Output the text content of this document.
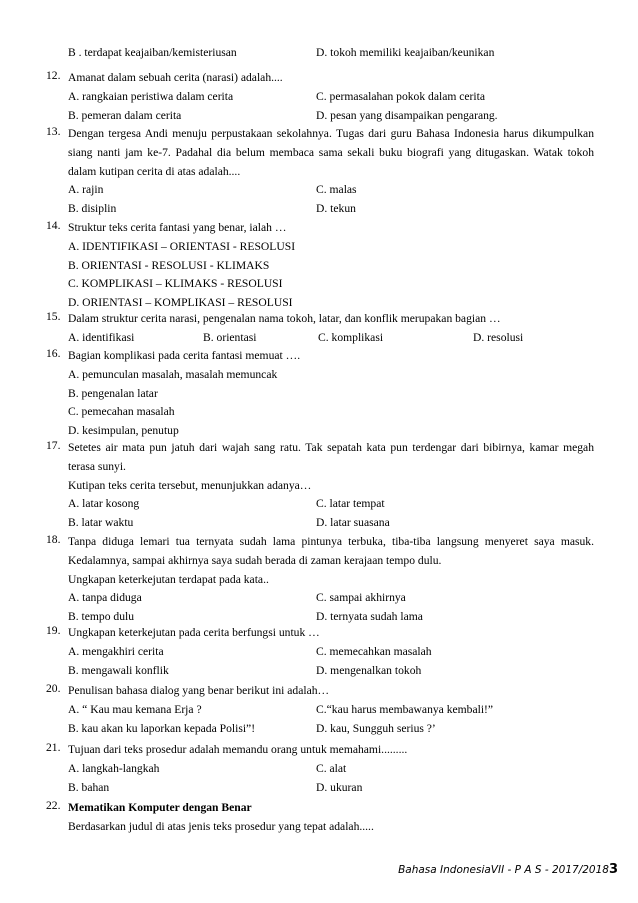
B . terdapat keajaiban/kemisteriusan	D. tokoh memiliki keajaiban/keunikan
12. Amanat dalam sebuah cerita (narasi) adalah....
A. rangkaian peristiwa dalam cerita	C. permasalahan pokok dalam cerita
B. pemeran dalam cerita	D. pesan yang disampaikan pengarang.
13. Dengan tergesa Andi menuju perpustakaan sekolahnya. Tugas dari guru Bahasa Indonesia harus dikumpulkan siang nanti jam ke-7. Padahal dia belum membaca sama sekali buku biografi yang ditugaskan. Watak tokoh dalam kutipan cerita di atas adalah....
A. rajin	C. malas
B. disiplin	D. tekun
14. Struktur teks cerita fantasi yang benar, ialah …
A. IDENTIFIKASI – ORIENTASI - RESOLUSI
B. ORIENTASI - RESOLUSI - KLIMAKS
C. KOMPLIKASI – KLIMAKS - RESOLUSI
D. ORIENTASI – KOMPLIKASI – RESOLUSI
15. Dalam struktur cerita narasi, pengenalan nama tokoh, latar, dan konflik merupakan bagian …
A. identifikasi	B. orientasi	C. komplikasi	D. resolusi
16. Bagian komplikasi pada cerita fantasi memuat ….
A. pemunculan masalah, masalah memuncak
B. pengenalan latar
C. pemecahan masalah
D. kesimpulan, penutup
17. Setetes air mata pun jatuh dari wajah sang ratu. Tak sepatah kata pun terdengar dari bibirnya, kamar megah terasa sunyi.
Kutipan teks cerita tersebut, menunjukkan adanya…
A. latar kosong	C. latar tempat
B. latar waktu	D. latar suasana
18. Tanpa diduga lemari tua ternyata sudah lama pintunya terbuka, tiba-tiba langsung menyeret saya masuk. Kedalamnya, sampai akhirnya saya sudah berada di zaman kerajaan tempo dulu.
Ungkapan keterkejutan terdapat pada kata..
A. tanpa diduga	C. sampai akhirnya
B. tempo dulu	D. ternyata sudah lama
19. Ungkapan keterkejutan pada cerita berfungsi untuk …
A. mengakhiri cerita	C. memecahkan masalah
B. mengawali konflik	D. mengenalkan tokoh
20. Penulisan bahasa dialog yang benar berikut ini adalah…
A. “ Kau mau kemana Erja ?	C.“kau harus membawanya kembali!”
B. kau akan ku laporkan kepada Polisi”!	D. kau, Sungguh serius ?’
21. Tujuan dari teks prosedur adalah memandu orang untuk memahami.........
A. langkah-langkah	C. alat
B. bahan	D. ukuran
22. Mematikan Komputer dengan Benar
Berdasarkan judul di atas jenis teks prosedur yang tepat adalah.....
Bahasa IndonesiaVII - P A S - 2017/20183
